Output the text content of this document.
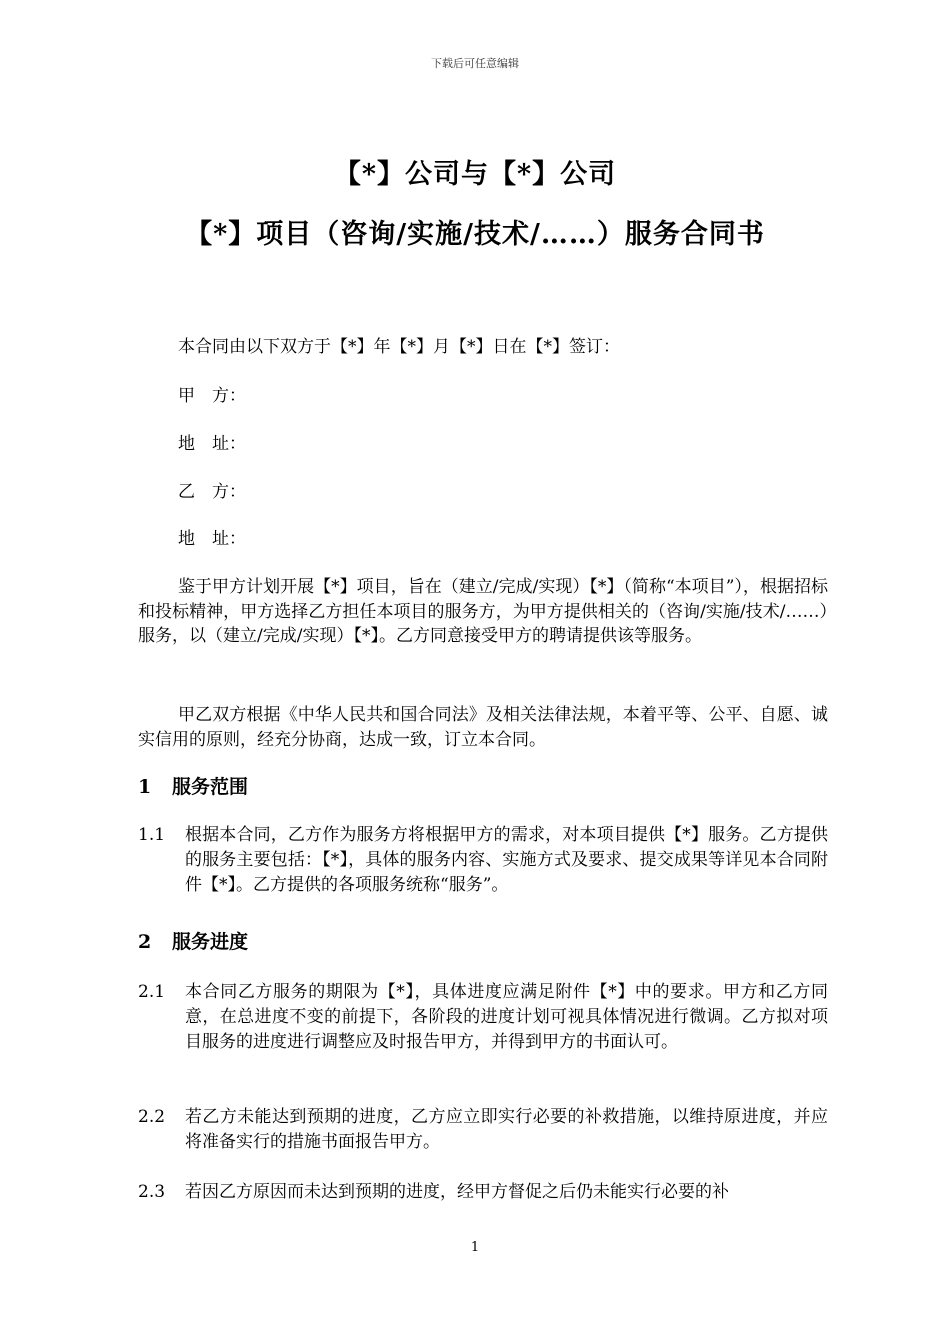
下载后可任意编辑
【*】公司与【*】公司
【*】项目（咨询/实施/技术/……）服务合同书
本合同由以下双方于【*】年【*】月【*】日在【*】签订：
甲　方：
地　址：
乙　方：
地　址：
鉴于甲方计划开展【*】项目，旨在（建立/完成/实现）【*】（简称“本项目”），根据招标和投标精神，甲方选择乙方担任本项目的服务方，为甲方提供相关的（咨询/实施/技术/……）服务，以（建立/完成/实现）【*】。乙方同意接受甲方的聘请提供该等服务。
甲乙双方根据《中华人民共和国合同法》及相关法律法规，本着平等、公平、自愿、诚实信用的原则，经充分协商，达成一致，订立本合同。
1 服务范围
1.1	根据本合同，乙方作为服务方将根据甲方的需求，对本项目提供【*】服务。乙方提供的服务主要包括：【*】，具体的服务内容、实施方式及要求、提交成果等详见本合同附件【*】。乙方提供的各项服务统称“服务”。
2 服务进度
2.1	本合同乙方服务的期限为【*】，具体进度应满足附件【*】中的要求。甲方和乙方同意，在总进度不变的前提下，各阶段的进度计划可视具体情况进行微调。乙方拟对项目服务的进度进行调整应及时报告甲方，并得到甲方的书面认可。
2.2	若乙方未能达到预期的进度，乙方应立即实行必要的补救措施，以维持原进度，并应将准备实行的措施书面报告甲方。
2.3	若因乙方原因而未达到预期的进度，经甲方督促之后仍未能实行必要的补
1
